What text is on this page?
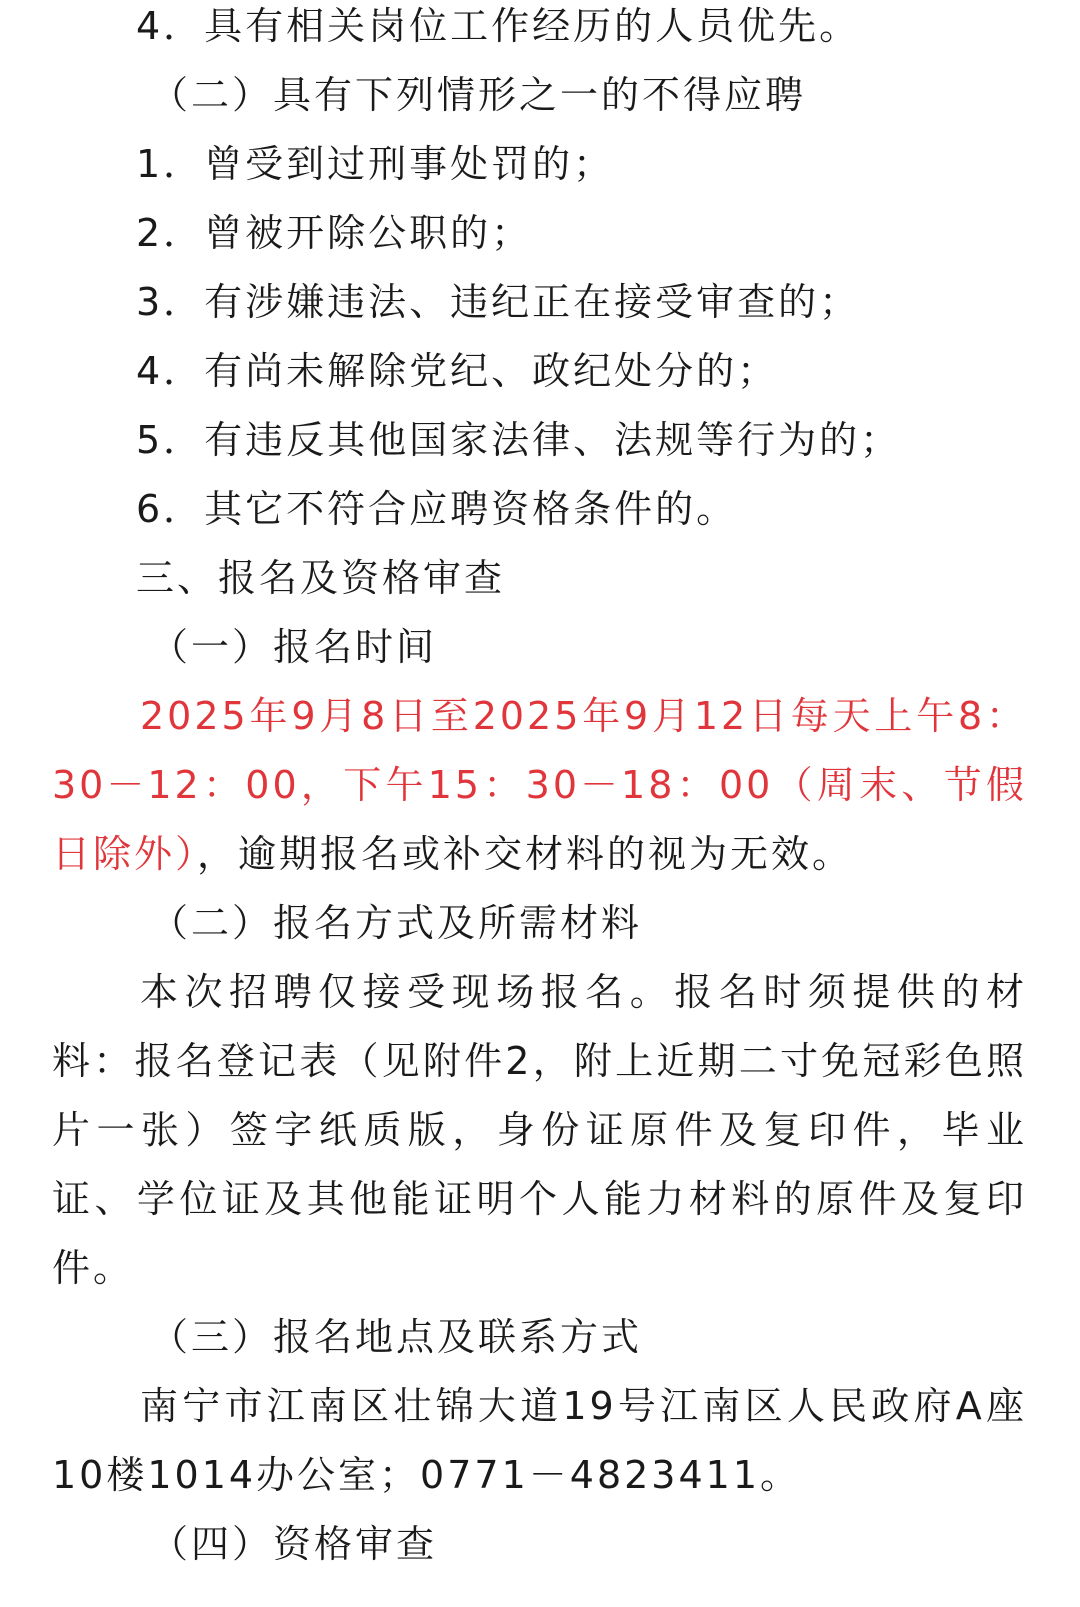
4．具有相关岗位工作经历的人员优先。
（二）具有下列情形之一的不得应聘
1．曾受到过刑事处罚的；
2．曾被开除公职的；
3．有涉嫌违法、违纪正在接受审查的；
4．有尚未解除党纪、政纪处分的；
5．有违反其他国家法律、法规等行为的；
6．其它不符合应聘资格条件的。
三、报名及资格审查
（一）报名时间
2025年9月8日至2025年9月12日每天上午8：30－12：00，下午15：30－18：00（周末、节假日除外），逾期报名或补交材料的视为无效。
（二）报名方式及所需材料
本次招聘仅接受现场报名。报名时须提供的材料：报名登记表（见附件2，附上近期二寸免冠彩色照片一张）签字纸质版，身份证原件及复印件，毕业证、学位证及其他能证明个人能力材料的原件及复印件。
（三）报名地点及联系方式
南宁市江南区壮锦大道19号江南区人民政府A座10楼1014办公室；0771－4823411。
（四）资格审查
